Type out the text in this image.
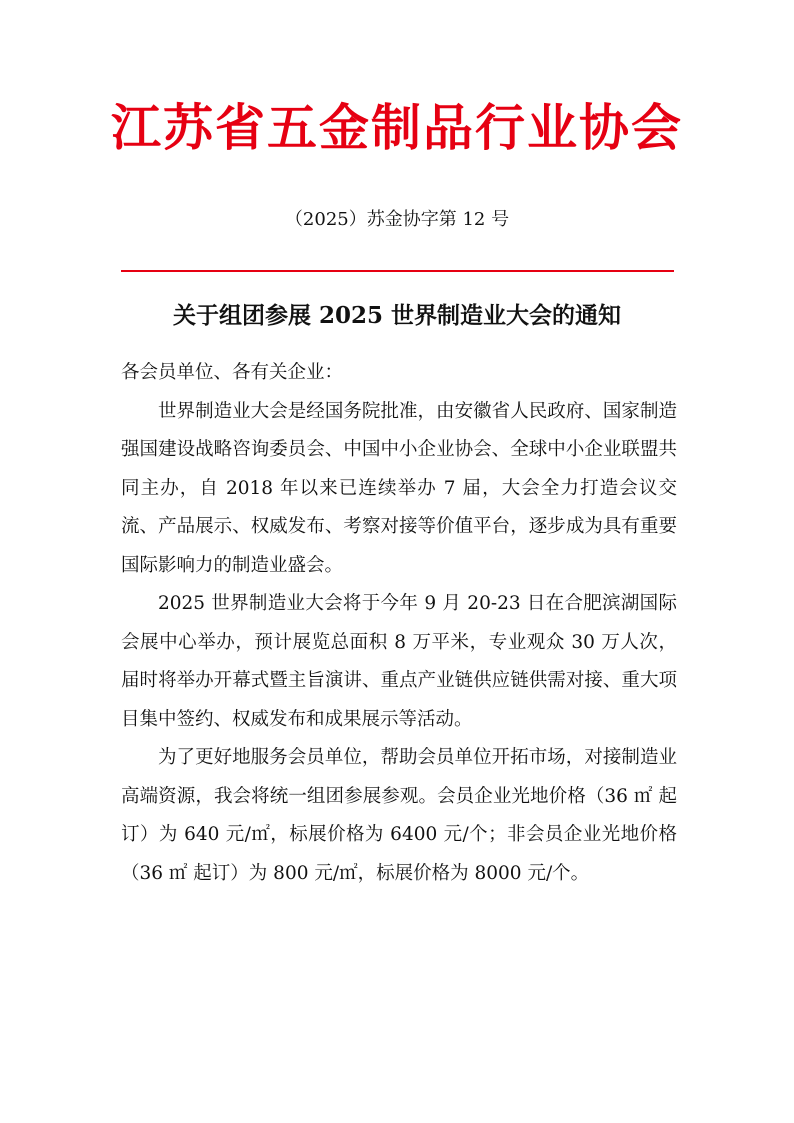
江苏省五金制品行业协会
（2025）苏金协字第 12 号
关于组团参展 2025 世界制造业大会的通知

各会员单位、各有关企业：

世界制造业大会是经国务院批准，由安徽省人民政府、国家制造强国建设战略咨询委员会、中国中小企业协会、全球中小企业联盟共同主办，自 2018 年以来已连续举办 7 届，大会全力打造会议交流、产品展示、权威发布、考察对接等价值平台，逐步成为具有重要国际影响力的制造业盛会。

2025 世界制造业大会将于今年 9 月 20-23 日在合肥滨湖国际会展中心举办，预计展览总面积 8 万平米，专业观众 30 万人次，届时将举办开幕式暨主旨演讲、重点产业链供应链供需对接、重大项目集中签约、权威发布和成果展示等活动。

为了更好地服务会员单位，帮助会员单位开拓市场，对接制造业高端资源，我会将统一组团参展参观。会员企业光地价格（36 ㎡ 起订）为 640 元/㎡，标展价格为 6400 元/个；非会员企业光地价格（36 ㎡ 起订）为 800 元/㎡，标展价格为 8000 元/个。
